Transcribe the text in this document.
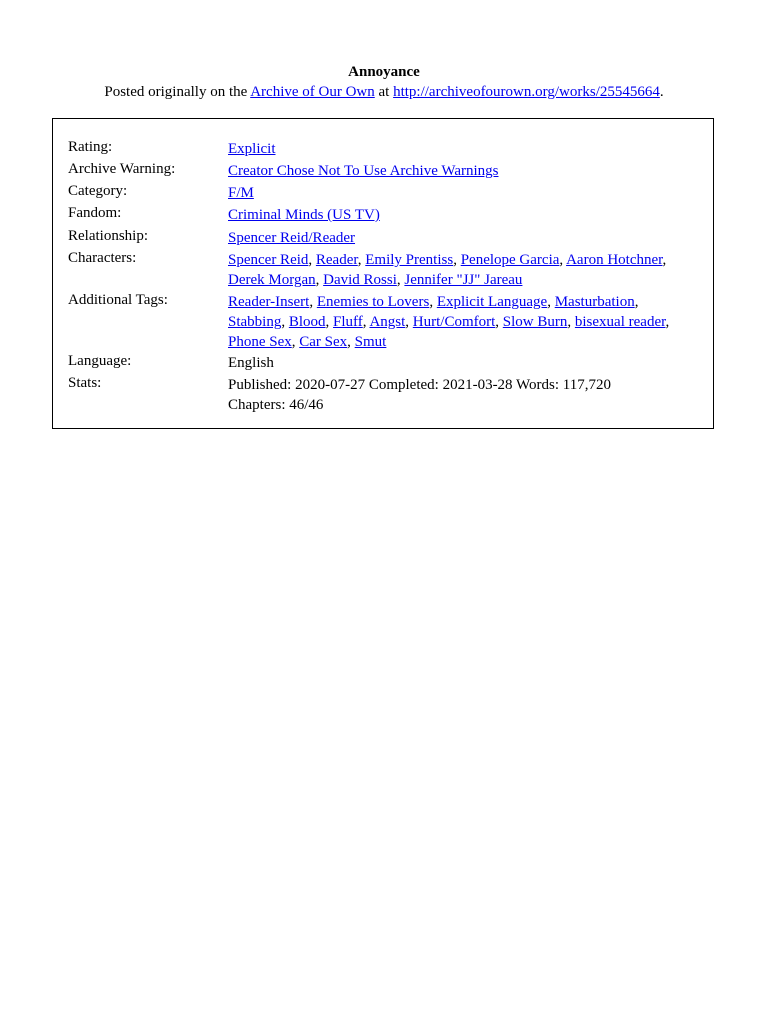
Annoyance
Posted originally on the Archive of Our Own at http://archiveofourown.org/works/25545664.
Rating:	Explicit
Archive Warning:	Creator Chose Not To Use Archive Warnings
Category:	F/M
Fandom:	Criminal Minds (US TV)
Relationship:	Spencer Reid/Reader
Characters:	Spencer Reid, Reader, Emily Prentiss, Penelope Garcia, Aaron Hotchner,
Derek Morgan, David Rossi, Jennifer "JJ" Jareau
Additional Tags:	Reader-Insert, Enemies to Lovers, Explicit Language, Masturbation,
Stabbing, Blood, Fluff, Angst, Hurt/Comfort, Slow Burn, bisexual reader, Phone Sex, Car Sex, Smut
Language:	English
Stats:	Published: 2020-07-27 Completed: 2021-03-28 Words: 117,720
Chapters: 46/46
